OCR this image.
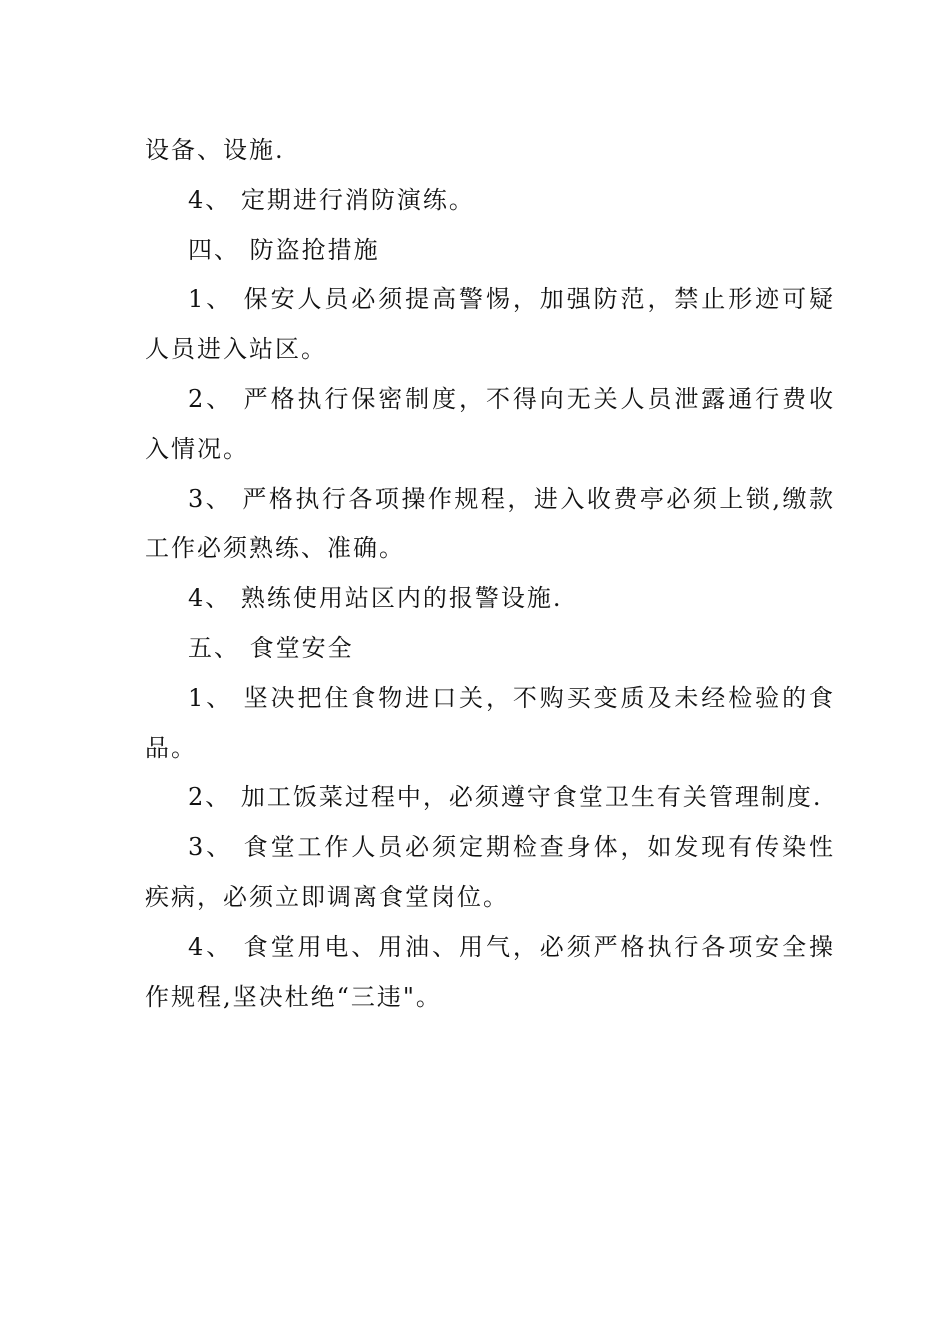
设备、设施.

4、 定期进行消防演练。

四、 防盗抢措施

1、 保安人员必须提高警惕，加强防范，禁止形迹可疑人员进入站区。

2、 严格执行保密制度，不得向无关人员泄露通行费收入情况。

3、 严格执行各项操作规程，进入收费亭必须上锁,缴款工作必须熟练、准确。

4、 熟练使用站区内的报警设施.

五、 食堂安全

1、 坚决把住食物进口关，不购买变质及未经检验的食品。

2、 加工饭菜过程中，必须遵守食堂卫生有关管理制度.

3、 食堂工作人员必须定期检查身体，如发现有传染性疾病，必须立即调离食堂岗位。

4、 食堂用电、用油、用气，必须严格执行各项安全操作规程,坚决杜绝“三违"。
